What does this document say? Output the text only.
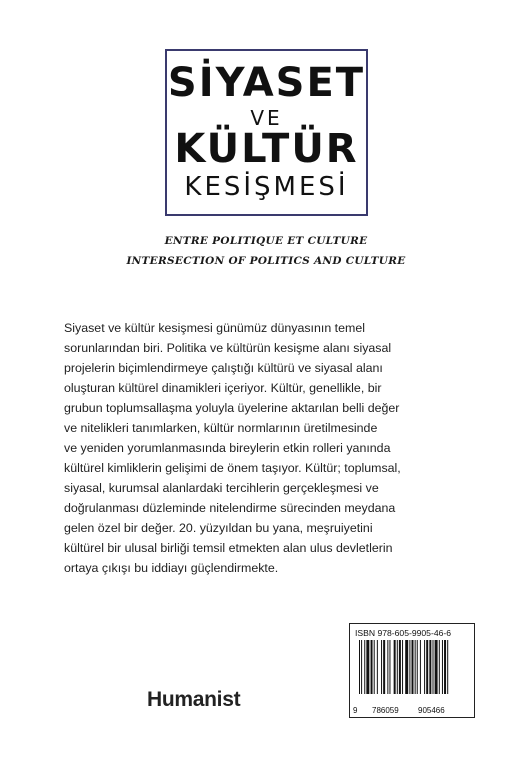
SİYASET
VE
KÜLTÜR
KESİŞMESİ
ENTRE POLITIQUE ET CULTURE
INTERSECTION OF POLITICS AND CULTURE
Siyaset ve kültür kesişmesi günümüz dünyasının temel
sorunlarından biri. Politika ve kültürün kesişme alanı siyasal
projelerin biçimlendirmeye çalıştığı kültürü ve siyasal alanı
oluşturan kültürel dinamikleri içeriyor. Kültür, genellikle, bir
grubun toplumsallaşma yoluyla üyelerine aktarılan belli değer
ve nitelikleri tanımlarken, kültür normlarının üretilmesinde
ve yeniden yorumlanmasında bireylerin etkin rolleri yanında
kültürel kimliklerin gelişimi de önem taşıyor. Kültür; toplumsal,
siyasal, kurumsal alanlardaki tercihlerin gerçekleşmesi ve
doğrulanması düzleminde nitelendirme sürecinden meydana
gelen özel bir değer. 20. yüzyıldan bu yana, meşruiyetini
kültürel bir ulusal birliği temsil etmekten alan ulus devletlerin
ortaya çıkışı bu iddiayı güçlendirmekte.
Humanist
ISBN 978-605-9905-46-6
9 786059 905466
